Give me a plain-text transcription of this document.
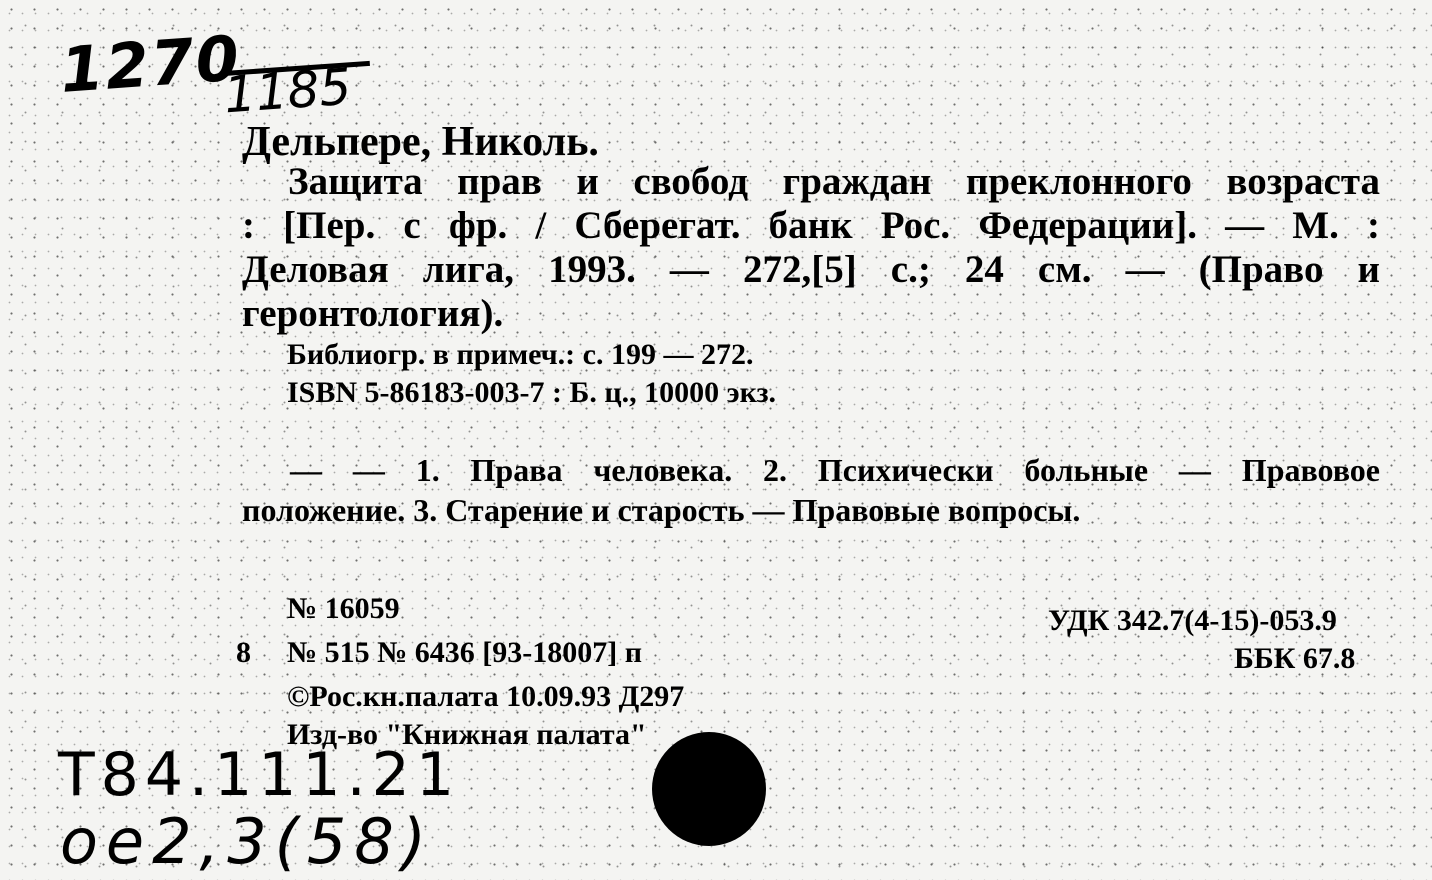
1270
1185
Дельпере, Николь.
Защита прав и свобод граждан преклонного возраста
: [Пер. с фр. / Сберегат. банк Рос. Федерации]. — М. :
Деловая лига, 1993. — 272,[5] с.; 24 см. — (Право и
геронтология).
Библиогр. в примеч.: с. 199 — 272.
ISBN 5-86183-003-7 : Б. ц., 10000 экз.
— — 1. Права человека. 2. Психически больные — Правовое
положение. 3. Старение и старость — Правовые вопросы.
№ 16059
8 № 515 № 6436 [93-18007] п
©Рос.кн.палата 10.09.93 Д297
Изд-во "Книжная палата"
УДК 342.7(4-15)-053.9
ББК 67.8
T84.111.21
oe2,3(58)
